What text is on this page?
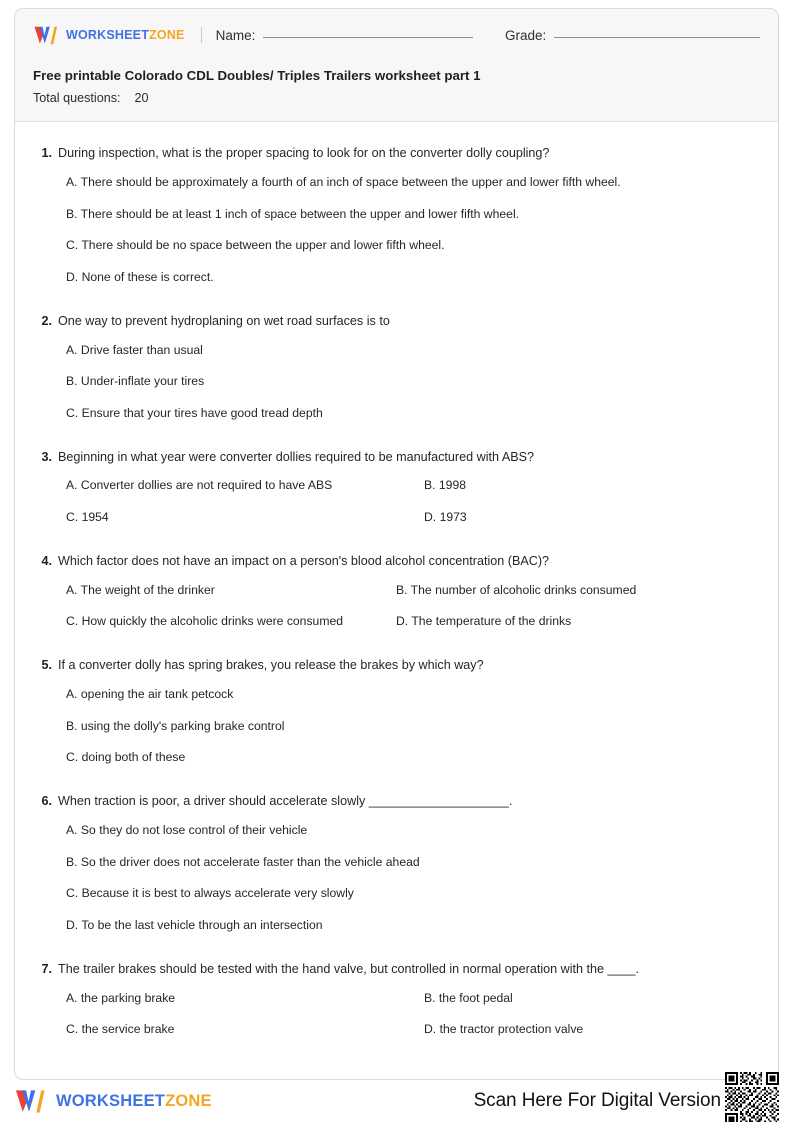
WORKSHEETZONE Name:	Grade:
Free printable Colorado CDL Doubles/ Triples Trailers worksheet part 1
Total questions: 20
1. During inspection, what is the proper spacing to look for on the converter dolly coupling?
A. There should be approximately a fourth of an inch of space between the upper and lower fifth wheel.
B. There should be at least 1 inch of space between the upper and lower fifth wheel.
C. There should be no space between the upper and lower fifth wheel.
D. None of these is correct.
2. One way to prevent hydroplaning on wet road surfaces is to
A. Drive faster than usual
B. Under-inflate your tires
C. Ensure that your tires have good tread depth
3. Beginning in what year were converter dollies required to be manufactured with ABS?
A. Converter dollies are not required to have ABS	B. 1998
C. 1954	D. 1973
4. Which factor does not have an impact on a person's blood alcohol concentration (BAC)?
A. The weight of the drinker	B. The number of alcoholic drinks consumed
C. How quickly the alcoholic drinks were consumed	D. The temperature of the drinks
5. If a converter dolly has spring brakes, you release the brakes by which way?
A. opening the air tank petcock
B. using the dolly's parking brake control
C. doing both of these
6. When traction is poor, a driver should accelerate slowly ____________________.
A. So they do not lose control of their vehicle
B. So the driver does not accelerate faster than the vehicle ahead
C. Because it is best to always accelerate very slowly
D. To be the last vehicle through an intersection
7. The trailer brakes should be tested with the hand valve, but controlled in normal operation with the ____.
A. the parking brake	B. the foot pedal
C. the service brake	D. the tractor protection valve
WORKSHEETZONE	Scan Here For Digital Version
